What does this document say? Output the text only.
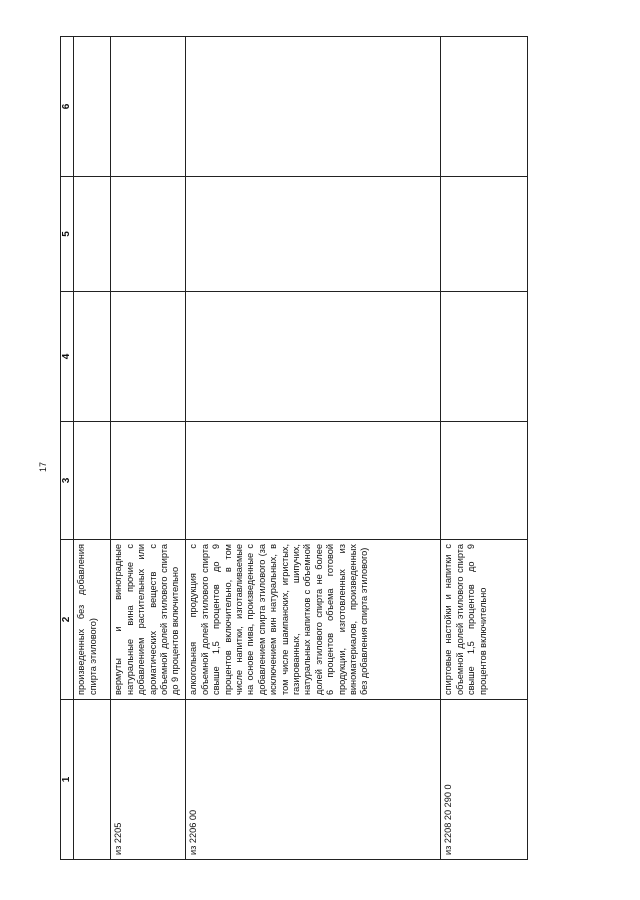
17
1	2	3	4	5	6
	произведенных без добавления спирта этилового)				
из 2205	вермуты и виноградные натуральные вина прочие с добавлением растительных или ароматических веществ с объемной долей этилового спирта до 9 процентов включительно				
из 2206 00	алкогольная продукция с объемной долей этилового спирта свыше 1,5 процентов до 9 процентов включительно, в том числе напитки, изготавливаемые на основе пива, произведенные с добавлением спирта этилового (за исключением вин натуральных, в том числе шампанских, игристых, газированных, шипучих, натуральных напитков с объемной долей этилового спирта не более 6 процентов объема готовой продукции, изготовленных из виноматериалов, произведенных без добавления спирта этилового)				
из 2208 20 290 0	спиртовые настойки и напитки с объемной долей этилового спирта свыше 1,5 процентов до 9 процентов включительно				
